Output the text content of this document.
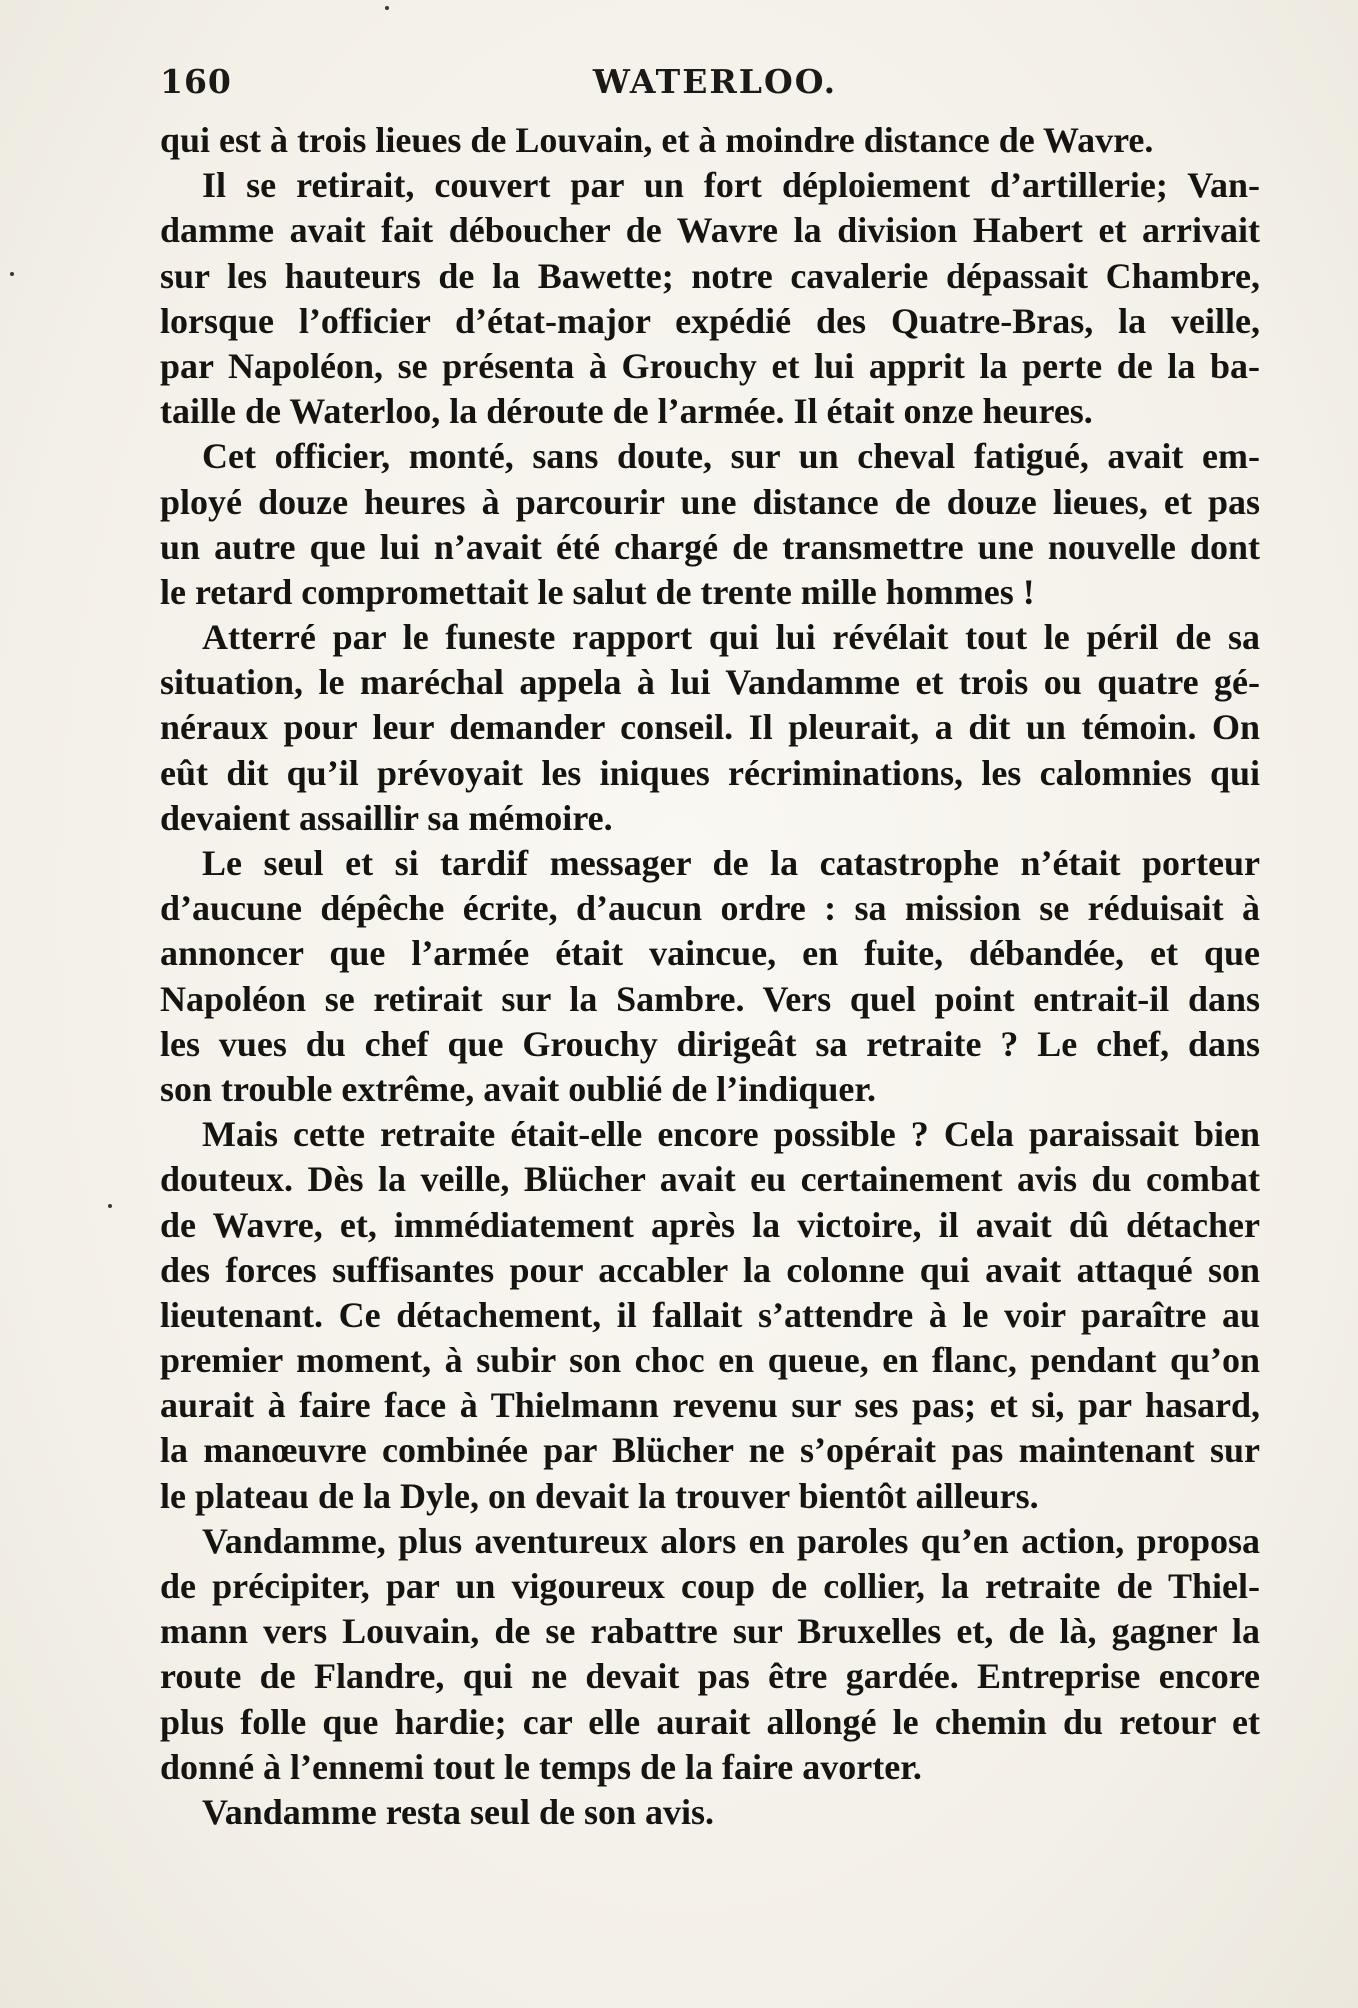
160	WATERLOO.
qui est à trois lieues de Louvain, et à moindre distance de Wavre.
Il se retirait, couvert par un fort déploiement d’artillerie; Van-
damme avait fait déboucher de Wavre la division Habert et arrivait
sur les hauteurs de la Bawette; notre cavalerie dépassait Chambre,
lorsque l’officier d’état-major expédié des Quatre-Bras, la veille,
par Napoléon, se présenta à Grouchy et lui apprit la perte de la ba-
taille de Waterloo, la déroute de l’armée. Il était onze heures.
Cet officier, monté, sans doute, sur un cheval fatigué, avait em-
ployé douze heures à parcourir une distance de douze lieues, et pas
un autre que lui n’avait été chargé de transmettre une nouvelle dont
le retard compromettait le salut de trente mille hommes !
Atterré par le funeste rapport qui lui révélait tout le péril de sa
situation, le maréchal appela à lui Vandamme et trois ou quatre gé-
néraux pour leur demander conseil. Il pleurait, a dit un témoin. On
eût dit qu’il prévoyait les iniques récriminations, les calomnies qui
devaient assaillir sa mémoire.
Le seul et si tardif messager de la catastrophe n’était porteur
d’aucune dépêche écrite, d’aucun ordre : sa mission se réduisait à
annoncer que l’armée était vaincue, en fuite, débandée, et que
Napoléon se retirait sur la Sambre. Vers quel point entrait-il dans
les vues du chef que Grouchy dirigeât sa retraite ? Le chef, dans
son trouble extrême, avait oublié de l’indiquer.
Mais cette retraite était-elle encore possible ? Cela paraissait bien
douteux. Dès la veille, Blücher avait eu certainement avis du combat
de Wavre, et, immédiatement après la victoire, il avait dû détacher
des forces suffisantes pour accabler la colonne qui avait attaqué son
lieutenant. Ce détachement, il fallait s’attendre à le voir paraître au
premier moment, à subir son choc en queue, en flanc, pendant qu’on
aurait à faire face à Thielmann revenu sur ses pas; et si, par hasard,
la manœuvre combinée par Blücher ne s’opérait pas maintenant sur
le plateau de la Dyle, on devait la trouver bientôt ailleurs.
Vandamme, plus aventureux alors en paroles qu’en action, proposa
de précipiter, par un vigoureux coup de collier, la retraite de Thiel-
mann vers Louvain, de se rabattre sur Bruxelles et, de là, gagner la
route de Flandre, qui ne devait pas être gardée. Entreprise encore
plus folle que hardie; car elle aurait allongé le chemin du retour et
donné à l’ennemi tout le temps de la faire avorter.
Vandamme resta seul de son avis.
